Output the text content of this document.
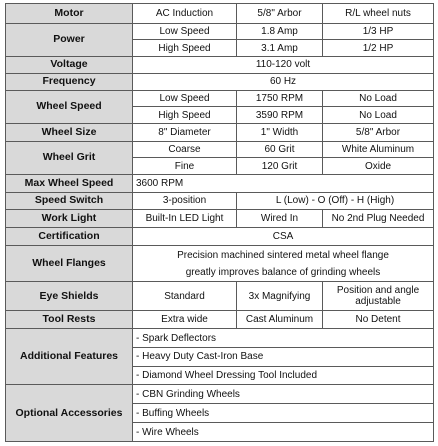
Motor	AC Induction	5/8" Arbor	R/L wheel nuts
Power	Low Speed	1.8 Amp	1/3 HP
	High Speed	3.1 Amp	1/2 HP
Voltage	110-120 volt		
Frequency	60 Hz		
Wheel Speed	Low Speed	1750 RPM	No Load
	High Speed	3590 RPM	No Load
Wheel Size	8" Diameter	1" Width	5/8" Arbor
Wheel Grit	Coarse	60 Grit	White Aluminum
	Fine	120 Grit	Oxide
Max Wheel Speed	3600 RPM		
Speed Switch	3-position	L (Low) - O (Off) - H (High)	
Work Light	Built-In LED Light	Wired In	No 2nd Plug Needed
Certification	CSA		
Wheel Flanges	Precision machined sintered metal wheel flange
greatly improves balance of grinding wheels		

Eye Shields	Standard	3x Magnifying	Position and angle adjustable
Tool Rests	Extra wide	Cast Aluminum	No Detent
Additional Features	- Spark Deflectors		
	- Heavy Duty Cast-Iron Base		
	- Diamond Wheel Dressing Tool Included		
Optional Accessories	- CBN Grinding Wheels		
	- Buffing Wheels		
	- Wire Wheels		
